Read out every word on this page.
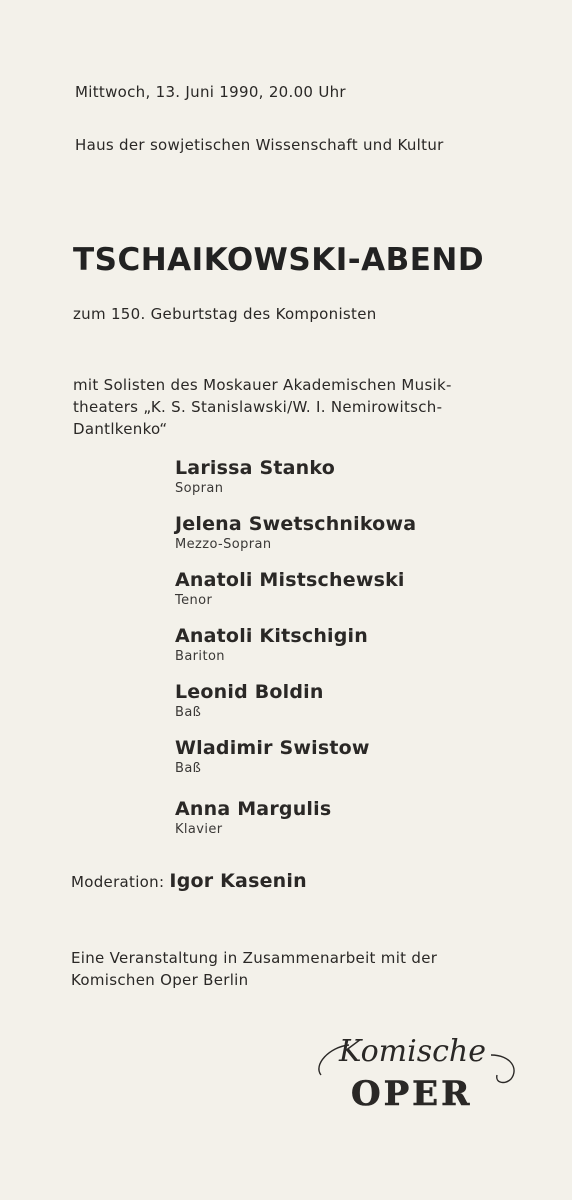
Mittwoch, 13. Juni 1990, 20.00 Uhr
Haus der sowjetischen Wissenschaft und Kultur
TSCHAIKOWSKI-ABEND
zum 150. Geburtstag des Komponisten
mit Solisten des Moskauer Akademischen Musik-theaters „K. S. Stanislawski/W. I. Nemirowitsch-Dantlkenko“
Larissa Stanko
Sopran
Jelena Swetschnikowa
Mezzo-Sopran
Anatoli Mistschewski
Tenor
Anatoli Kitschigin
Bariton
Leonid Boldin
Baß
Wladimir Swistow
Baß
Anna Margulis
Klavier
Moderation: Igor Kasenin
Eine Veranstaltung in Zusammenarbeit mit der Komischen Oper Berlin
Komische
OPER
